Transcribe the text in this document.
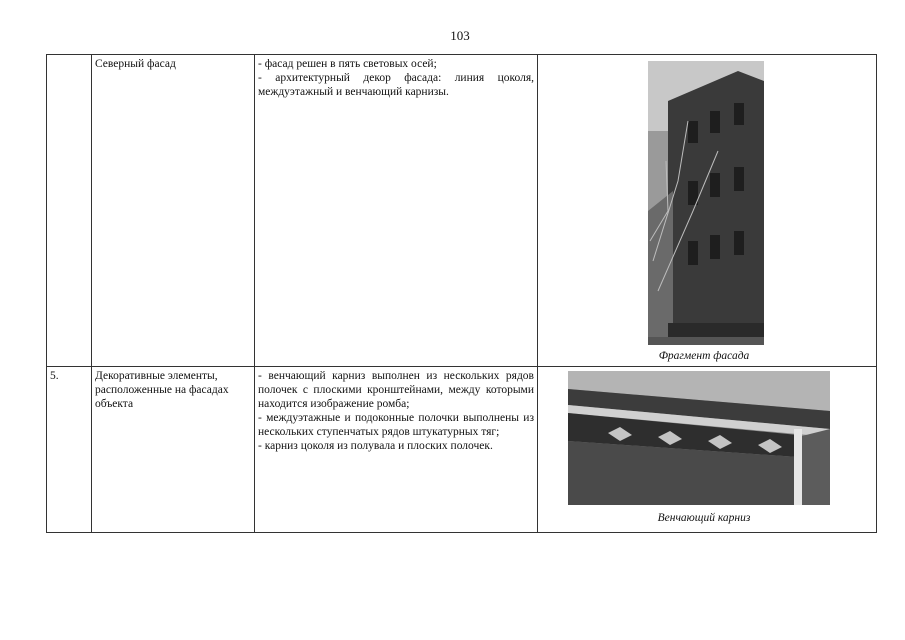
103
	Северный фасад	- фасад решен в пять световых осей;

- архитектурный декор фасада: линия цоколя, междуэтажный и венчающий карнизы.	Фрагмент фасада

5.	Декоративные элементы, расположенные на фасадах объекта	- венчающий карниз выполнен из нескольких рядов полочек с плоскими кронштейнами, между которыми находится изображение ромба;

- междуэтажные и подоконные полочки выполнены из нескольких ступенчатых рядов штукатурных тяг;

- карниз цоколя из полувала и плоских полочек.	Венчающий карниз
